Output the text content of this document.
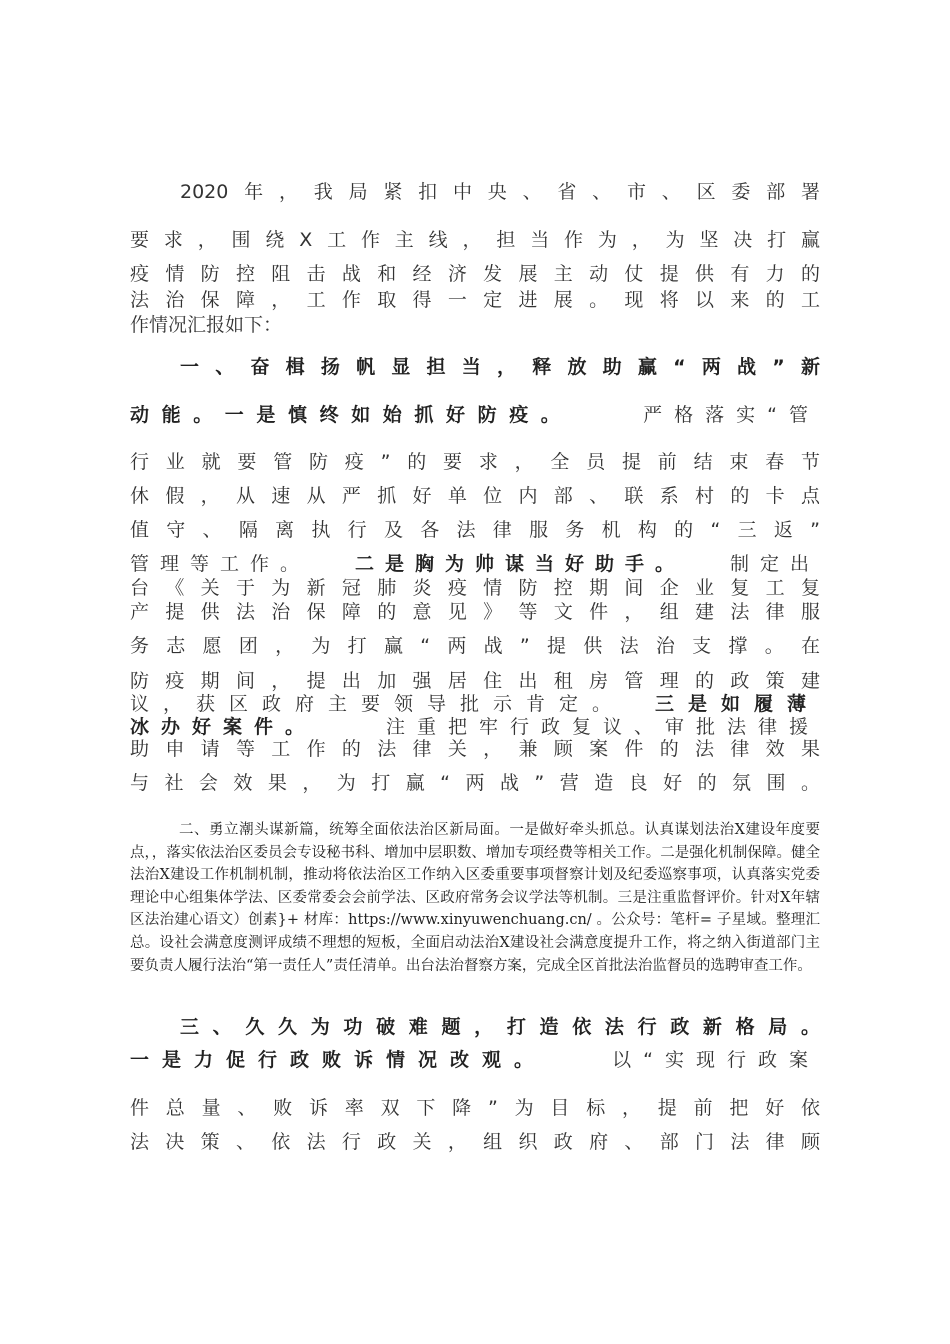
2020年，我局紧扣中央、省、市、区委部署
要求，围绕X工作主线，担当作为，为坚决打赢
疫情防控阻击战和经济发展主动仗提供有力的
法治保障，工作取得一定进展。现将以来的工
作情况汇报如下：
一、奋楫扬帆显担当，释放助赢“两战”新
动能。一是慎终如始抓好防疫。	严格落实“管
行业就要管防疫”的要求，全员提前结束春节
休假，从速从严抓好单位内部、联系村的卡点
值守、隔离执行及各法律服务机构的“三返”
管理等工作。 二是胸为帅谋当好助手。 制定出
台《关于为新冠肺炎疫情防控期间企业复工复
产提供法治保障的意见》等文件，组建法律服
务志愿团，为打赢“两战”提供法治支撑。在
防疫期间，提出加强居住出租房管理的政策建
议，获区政府主要领导批示肯定。 三是如履薄
冰办好案件。	注重把牢行政复议、审批法律援
助申请等工作的法律关，兼顾案件的法律效果
与社会效果，为打赢“两战”营造良好的氛围。

二、勇立潮头谋新篇，统筹全面依法治区新局面。一是做好牵头抓总。认真谋划法治X建设年度要点，，落实依法治区委员会专设秘书科、增加中层职数、增加专项经费等相关工作。二是强化机制保障。健全法治X建设工作机制机制，推动将依法治区工作纳入区委重要事项督察计划及纪委巡察事项，认真落实党委理论中心组集体学法、区委常委会会前学法、区政府常务会议学法等机制。三是注重监督评价。针对X年辖区法治建心语文）创素}+ 材库：https://www.xinyuwenchuang.cn/ 。公众号：笔杆= 子星域。整理汇总。设社会满意度测评成绩不理想的短板，全面启动法治X建设社会满意度提升工作，将之纳入街道部门主要负责人履行法治“第一责任人”责任清单。出台法治督察方案，完成全区首批法治监督员的选聘审查工作。

三、久久为功破难题，打造依法行政新格局。
一是力促行政败诉情况改观。	以“实现行政案
件总量、败诉率双下降”为目标，提前把好依
法决策、依法行政关，组织政府、部门法律顾
